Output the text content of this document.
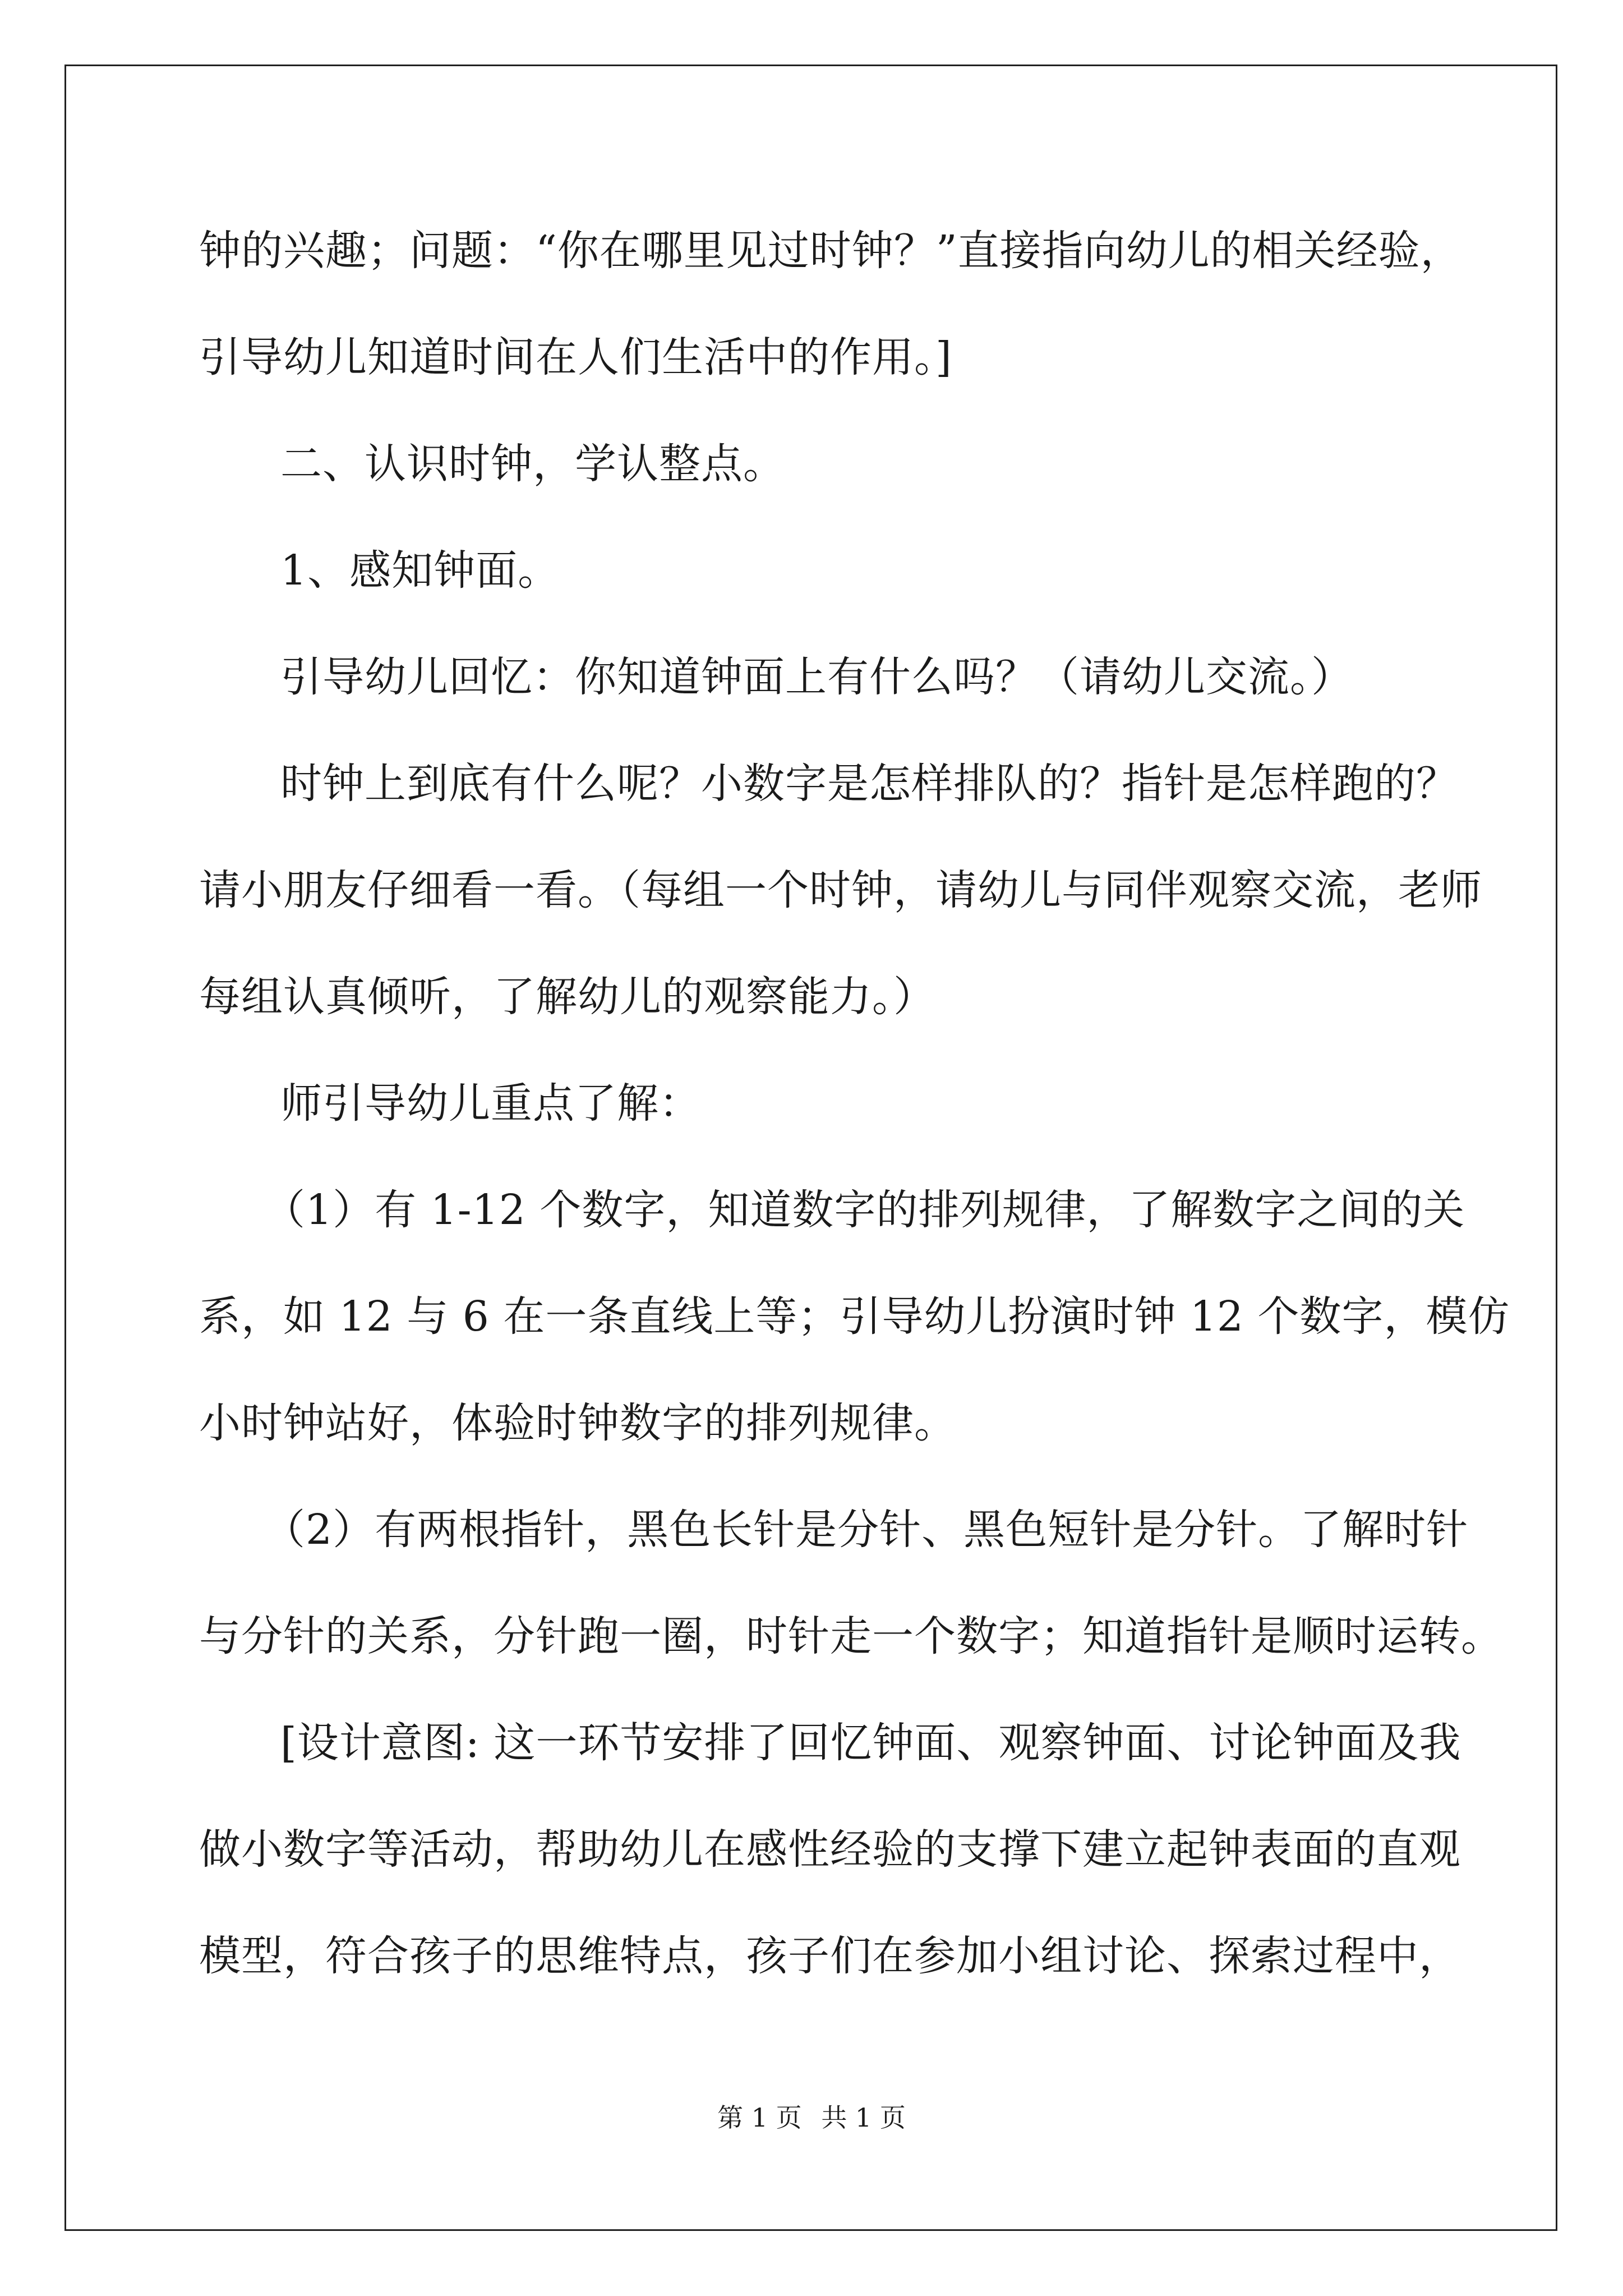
钟的兴趣；问题：“你在哪里见过时钟？”直接指向幼儿的相关经验，
引导幼儿知道时间在人们生活中的作用。]
二、认识时钟，学认整点。
1、感知钟面。
引导幼儿回忆：你知道钟面上有什么吗？（请幼儿交流。）
时钟上到底有什么呢？小数字是怎样排队的？指针是怎样跑的？
请小朋友仔细看一看。（每组一个时钟，请幼儿与同伴观察交流，老师
每组认真倾听，了解幼儿的观察能力。）
师引导幼儿重点了解：
（1）有 1-12 个数字，知道数字的排列规律，了解数字之间的关
系，如 12 与 6 在一条直线上等；引导幼儿扮演时钟 12 个数字，模仿
小时钟站好，体验时钟数字的排列规律。
（2）有两根指针，黑色长针是分针、黑色短针是分针。了解时针
与分针的关系，分针跑一圈，时针走一个数字；知道指针是顺时运转。
[设计意图: 这一环节安排了回忆钟面、观察钟面、讨论钟面及我
做小数字等活动，帮助幼儿在感性经验的支撑下建立起钟表面的直观
模型，符合孩子的思维特点，孩子们在参加小组讨论、探索过程中，
第 1 页 共 1 页
